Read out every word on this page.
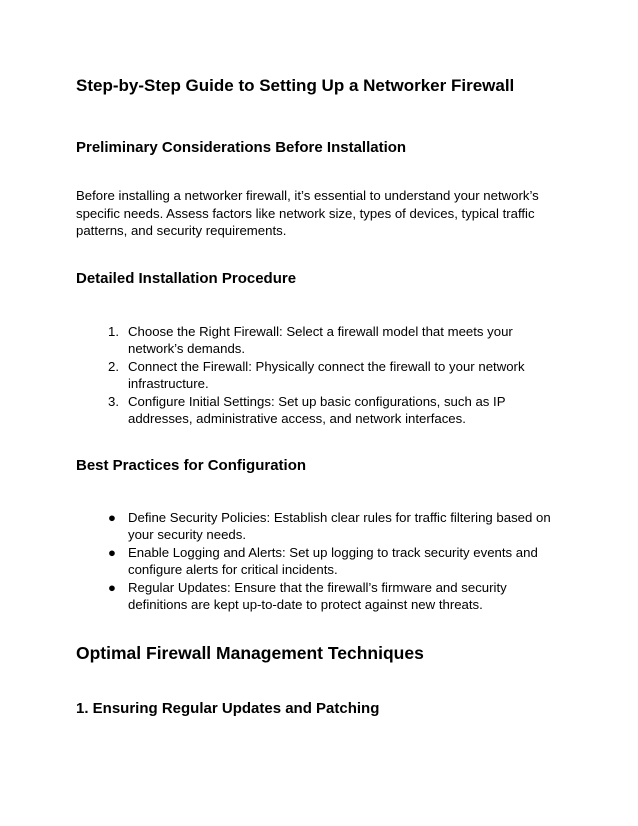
Step-by-Step Guide to Setting Up a Networker Firewall
Preliminary Considerations Before Installation

Before installing a networker firewall, it’s essential to understand your network’s specific needs. Assess factors like network size, types of devices, typical traffic patterns, and security requirements.

Detailed Installation Procedure
1. Choose the Right Firewall: Select a firewall model that meets your network’s demands.
2. Connect the Firewall: Physically connect the firewall to your network infrastructure.
3. Configure Initial Settings: Set up basic configurations, such as IP addresses, administrative access, and network interfaces.
Best Practices for Configuration
● Define Security Policies: Establish clear rules for traffic filtering based on your security needs.
● Enable Logging and Alerts: Set up logging to track security events and configure alerts for critical incidents.
● Regular Updates: Ensure that the firewall’s firmware and security definitions are kept up-to-date to protect against new threats.
Optimal Firewall Management Techniques
1. Ensuring Regular Updates and Patching
